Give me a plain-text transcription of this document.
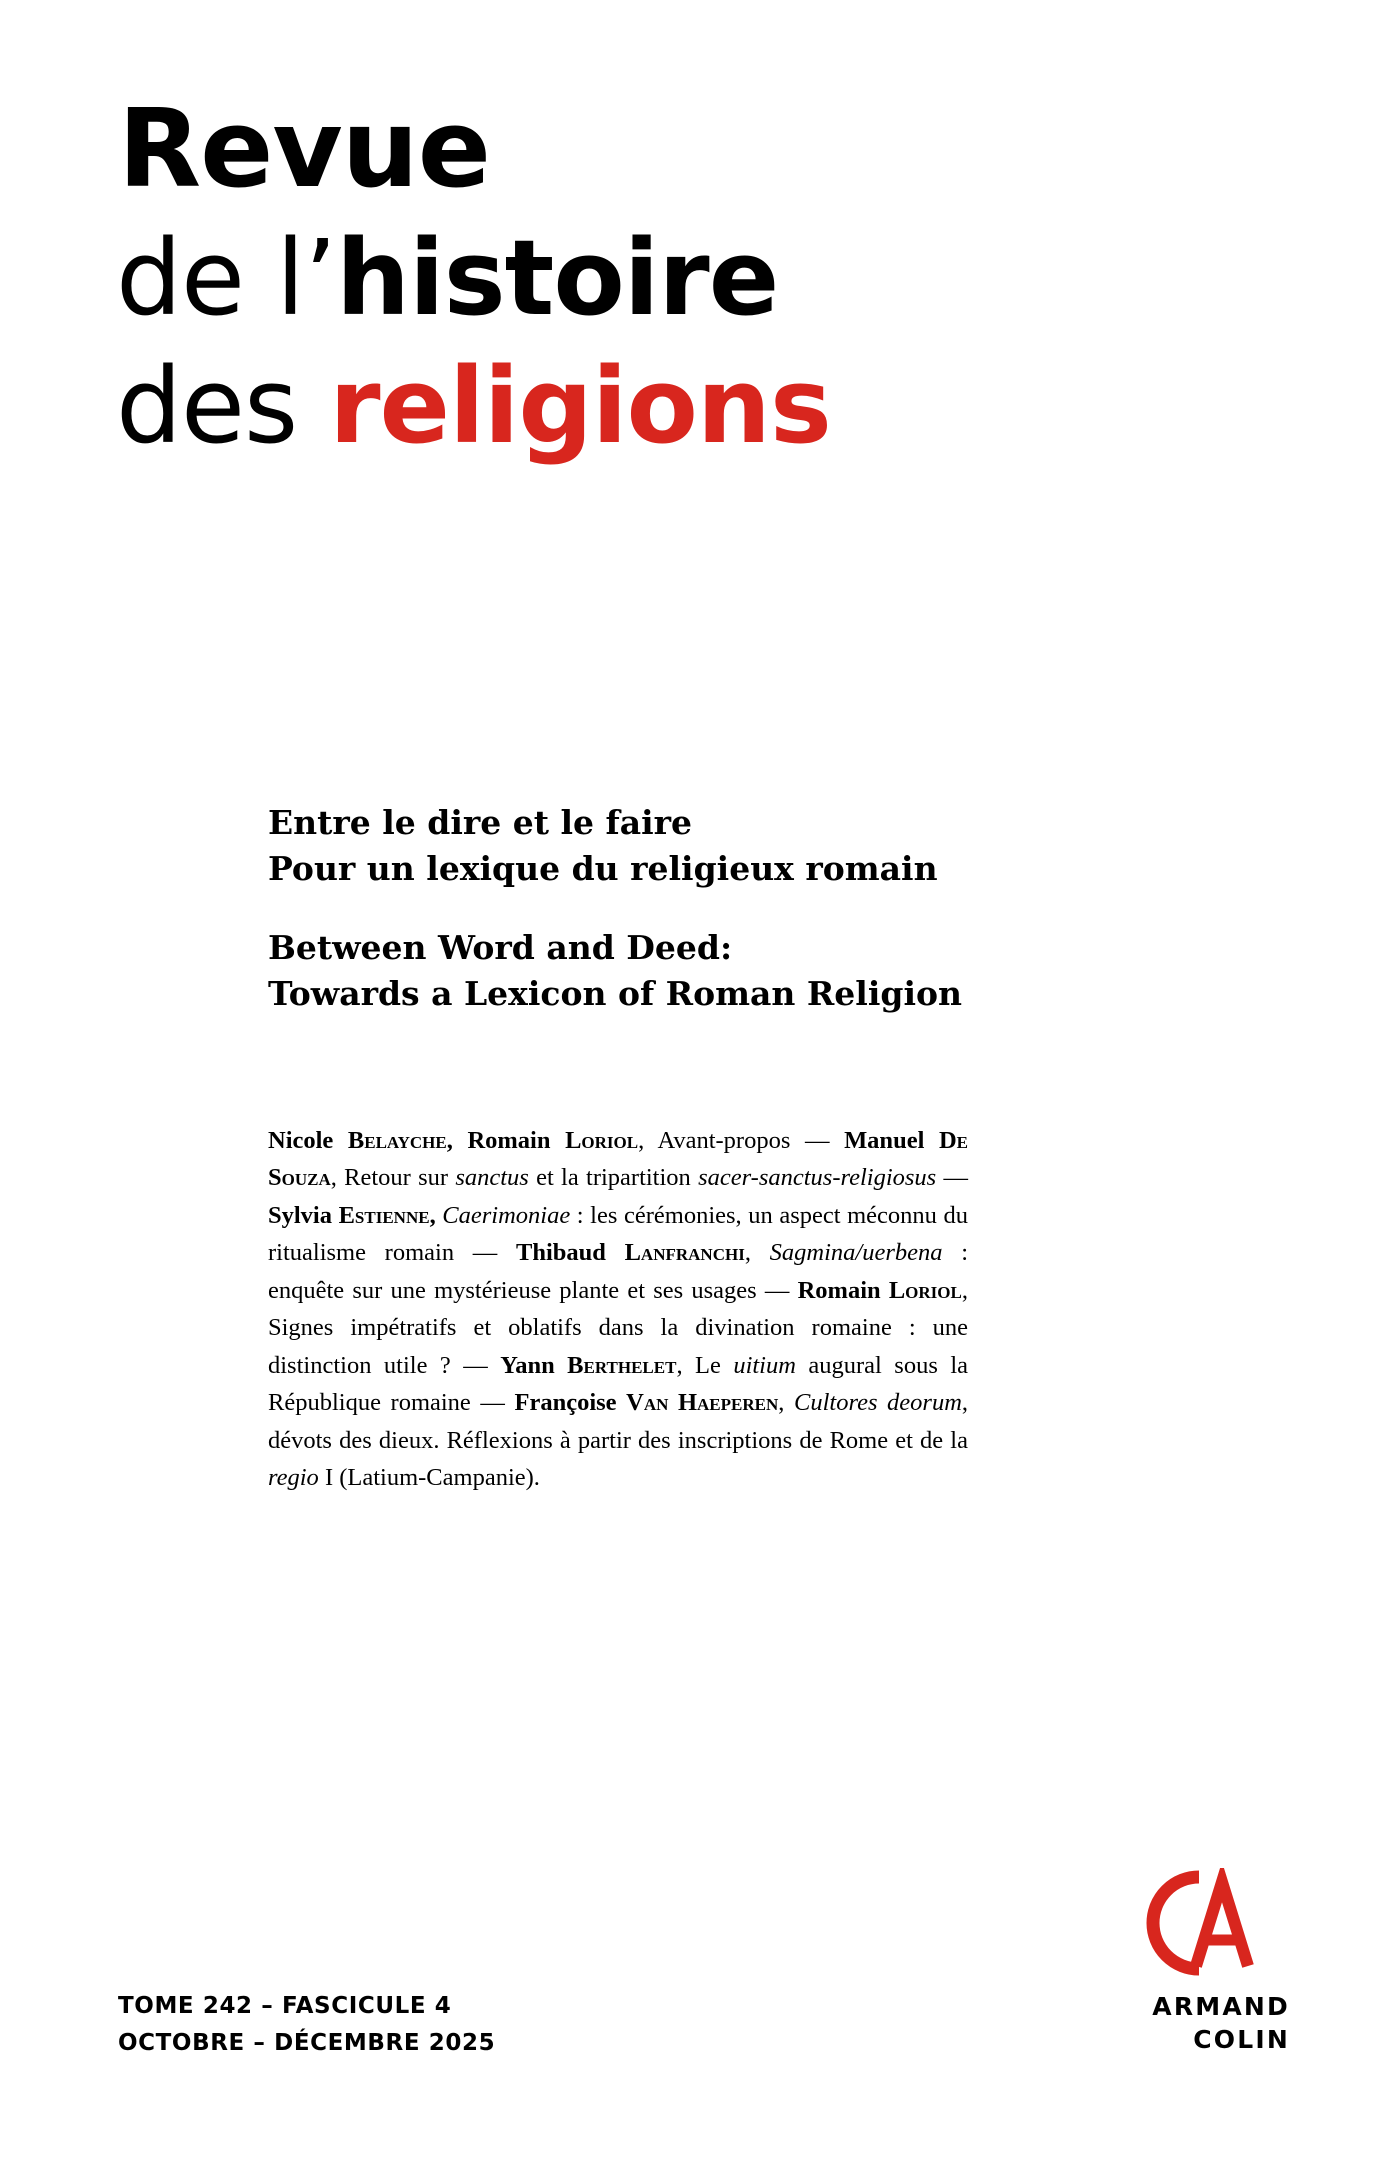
Revue
de l’histoire
des religions
Entre le dire et le faire
Pour un lexique du religieux romain
Between Word and Deed:
Towards a Lexicon of Roman Religion
Nicole Belayche, Romain Loriol, Avant-propos — Manuel De Souza, Retour sur sanctus et la tripartition sacer-sanctus-religiosus — Sylvia Estienne, Caerimoniae : les cérémonies, un aspect méconnu du ritualisme romain — Thibaud Lanfranchi, Sagmina/uerbena : enquête sur une mystérieuse plante et ses usages — Romain Loriol, Signes impétratifs et oblatifs dans la divination romaine : une distinction utile ? — Yann Berthelet, Le uitium augural sous la République romaine — Françoise Van Haeperen, Cultores deorum, dévots des dieux. Réflexions à partir des inscriptions de Rome et de la regio I (Latium-Campanie).
TOME 242 – FASCICULE 4
OCTOBRE – DÉCEMBRE 2025
ARMAND
COLIN
